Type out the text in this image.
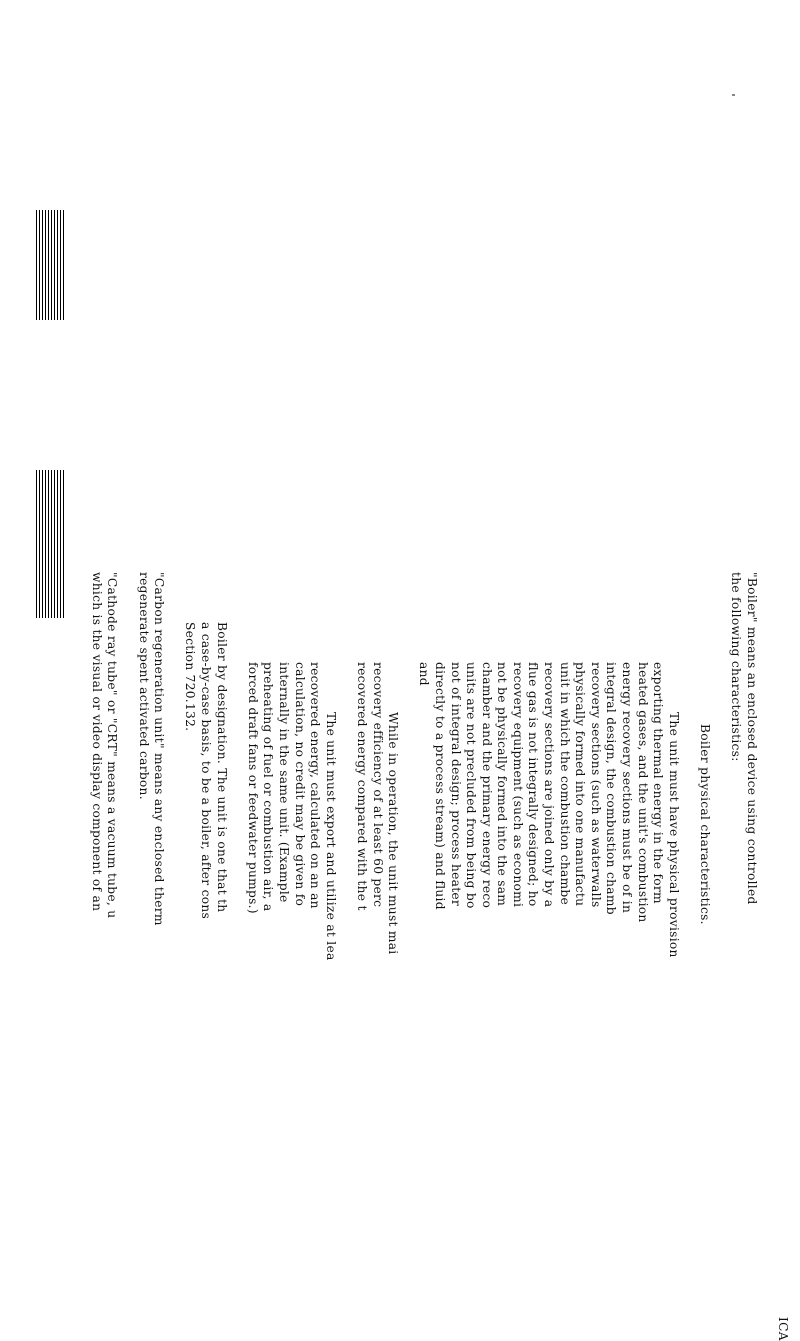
ICA
"Boiler" means an enclosed device using controlled
the following characteristics:
Boiler physical characteristics.
The unit must have physical provision
exporting thermal energy in the form
heated gases, and the unit's combustion
energy recovery sections must be of in
integral design, the combustion chamb
recovery sections (such as waterwalls
physically formed into one manufactu
unit in which the combustion chambe
recovery sections are joined only by a
flue gas is not integrally designed; ho
recovery equipment (such as economi
not be physically formed into the sam
chamber and the primary energy reco
units are not precluded from being bo
not of integral design; process heater
directly to a process stream) and fluid
and
While in operation, the unit must mai
recovery efficiency of at least 60 perc
recovered energy compared with the t
The unit must export and utilize at lea
recovered energy, calculated on an an
calculation, no credit may be given fo
internally in the same unit. (Example
preheating of fuel or combustion air, a
forced draft fans or feedwater pumps.)
Boiler by designation. The unit is one that th
a case-by-case basis, to be a boiler, after cons
Section 720.132.
"Carbon regeneration unit" means any enclosed therm
regenerate spent activated carbon.
"Cathode ray tube" or "CRT" means a vacuum tube, u
which is the visual or video display component of an
